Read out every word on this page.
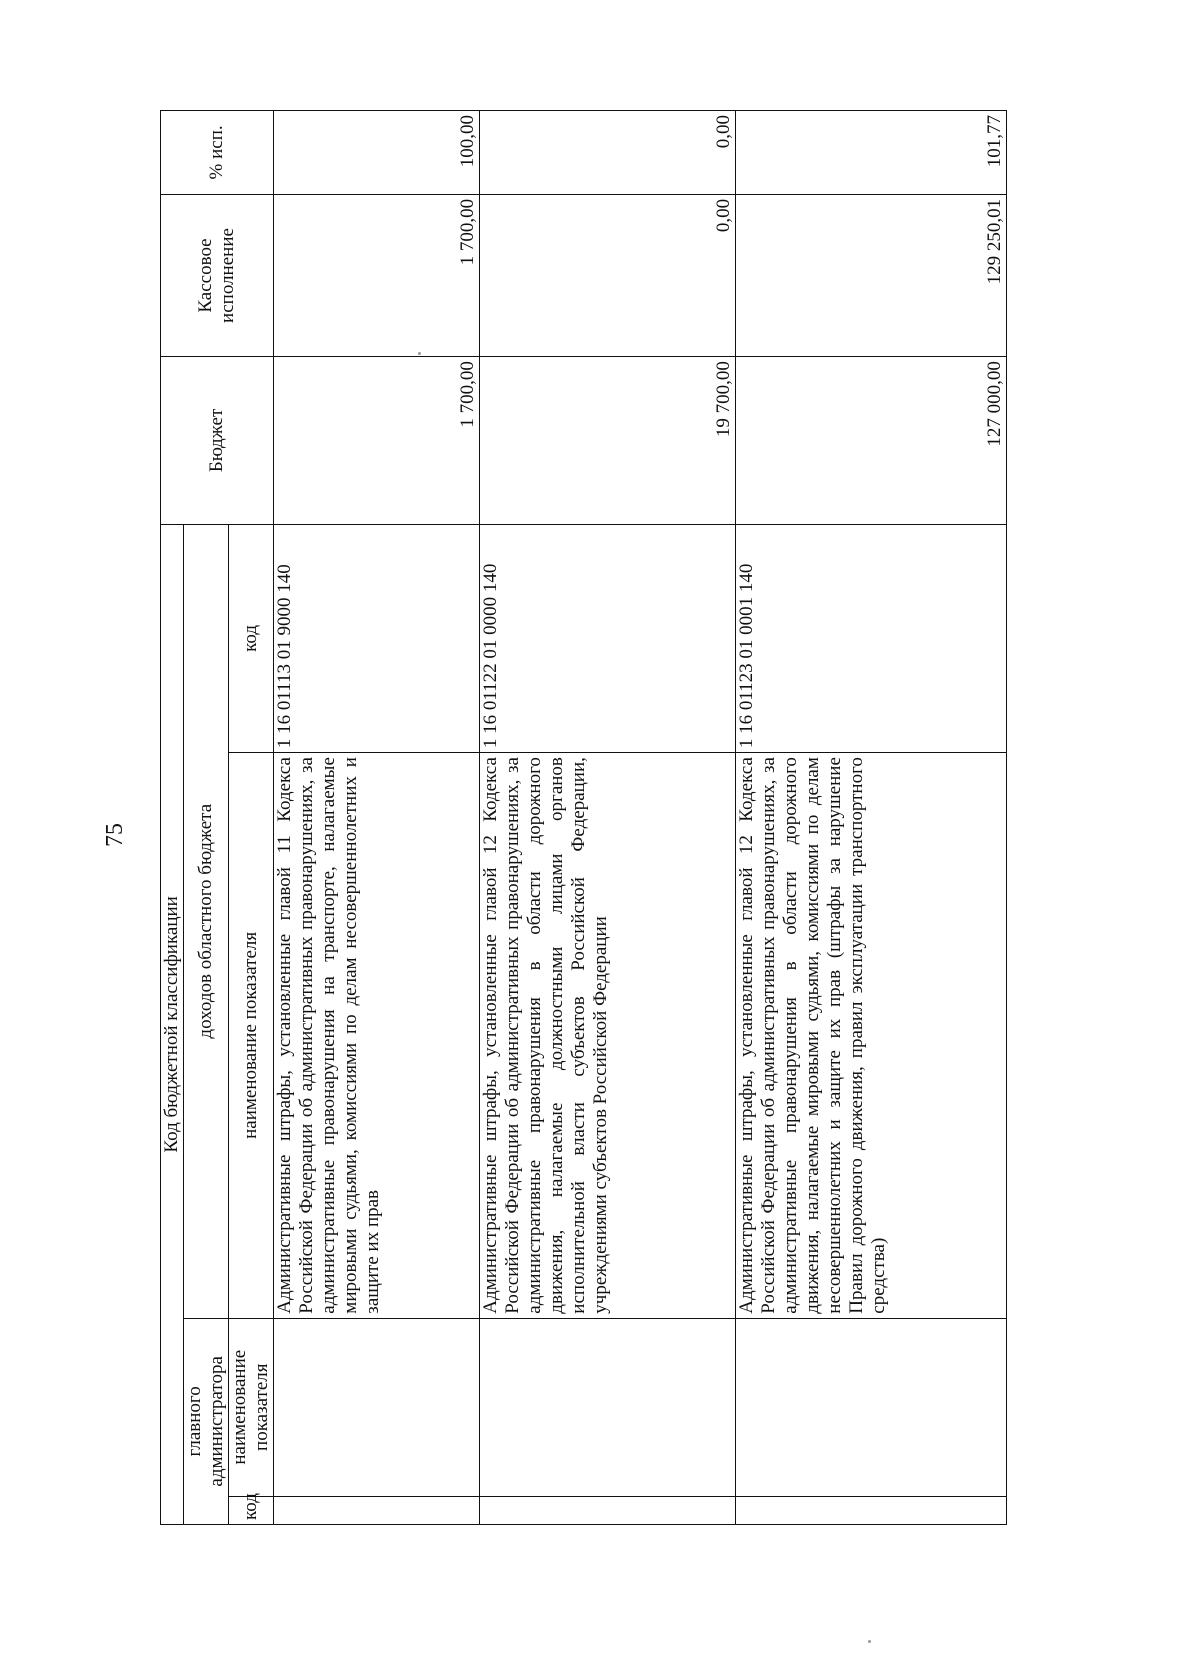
75
Код бюджетной классификации				Бюджет	Кассовое исполнение	% исп.
главного администратора		доходов областного бюджета				
код	наименование показателя	наименование показателя	код			
		Административные штрафы, установленные главой 11 Кодекса Российской Федерации об административных правонарушениях, за административные правонарушения на транспорте, налагаемые мировыми судьями, комиссиями по делам несовершеннолетних и защите их прав	1 16 01113 01 9000 140	1 700,00	1 700,00	100,00
		Административные штрафы, установленные главой 12 Кодекса Российской Федерации об административных правонарушениях, за административные правонарушения в области дорожного движения, налагаемые должностными лицами органов исполнительной власти субъектов Российской Федерации, учреждениями субъектов Российской Федерации	1 16 01122 01 0000 140	19 700,00	0,00	0,00
		Административные штрафы, установленные главой 12 Кодекса Российской Федерации об административных правонарушениях, за административные правонарушения в области дорожного движения, налагаемые мировыми судьями, комиссиями по делам несовершеннолетних и защите их прав (штрафы за нарушение Правил дорожного движения, правил эксплуатации транспортного средства)	1 16 01123 01 0001 140	127 000,00	129 250,01	101,77
